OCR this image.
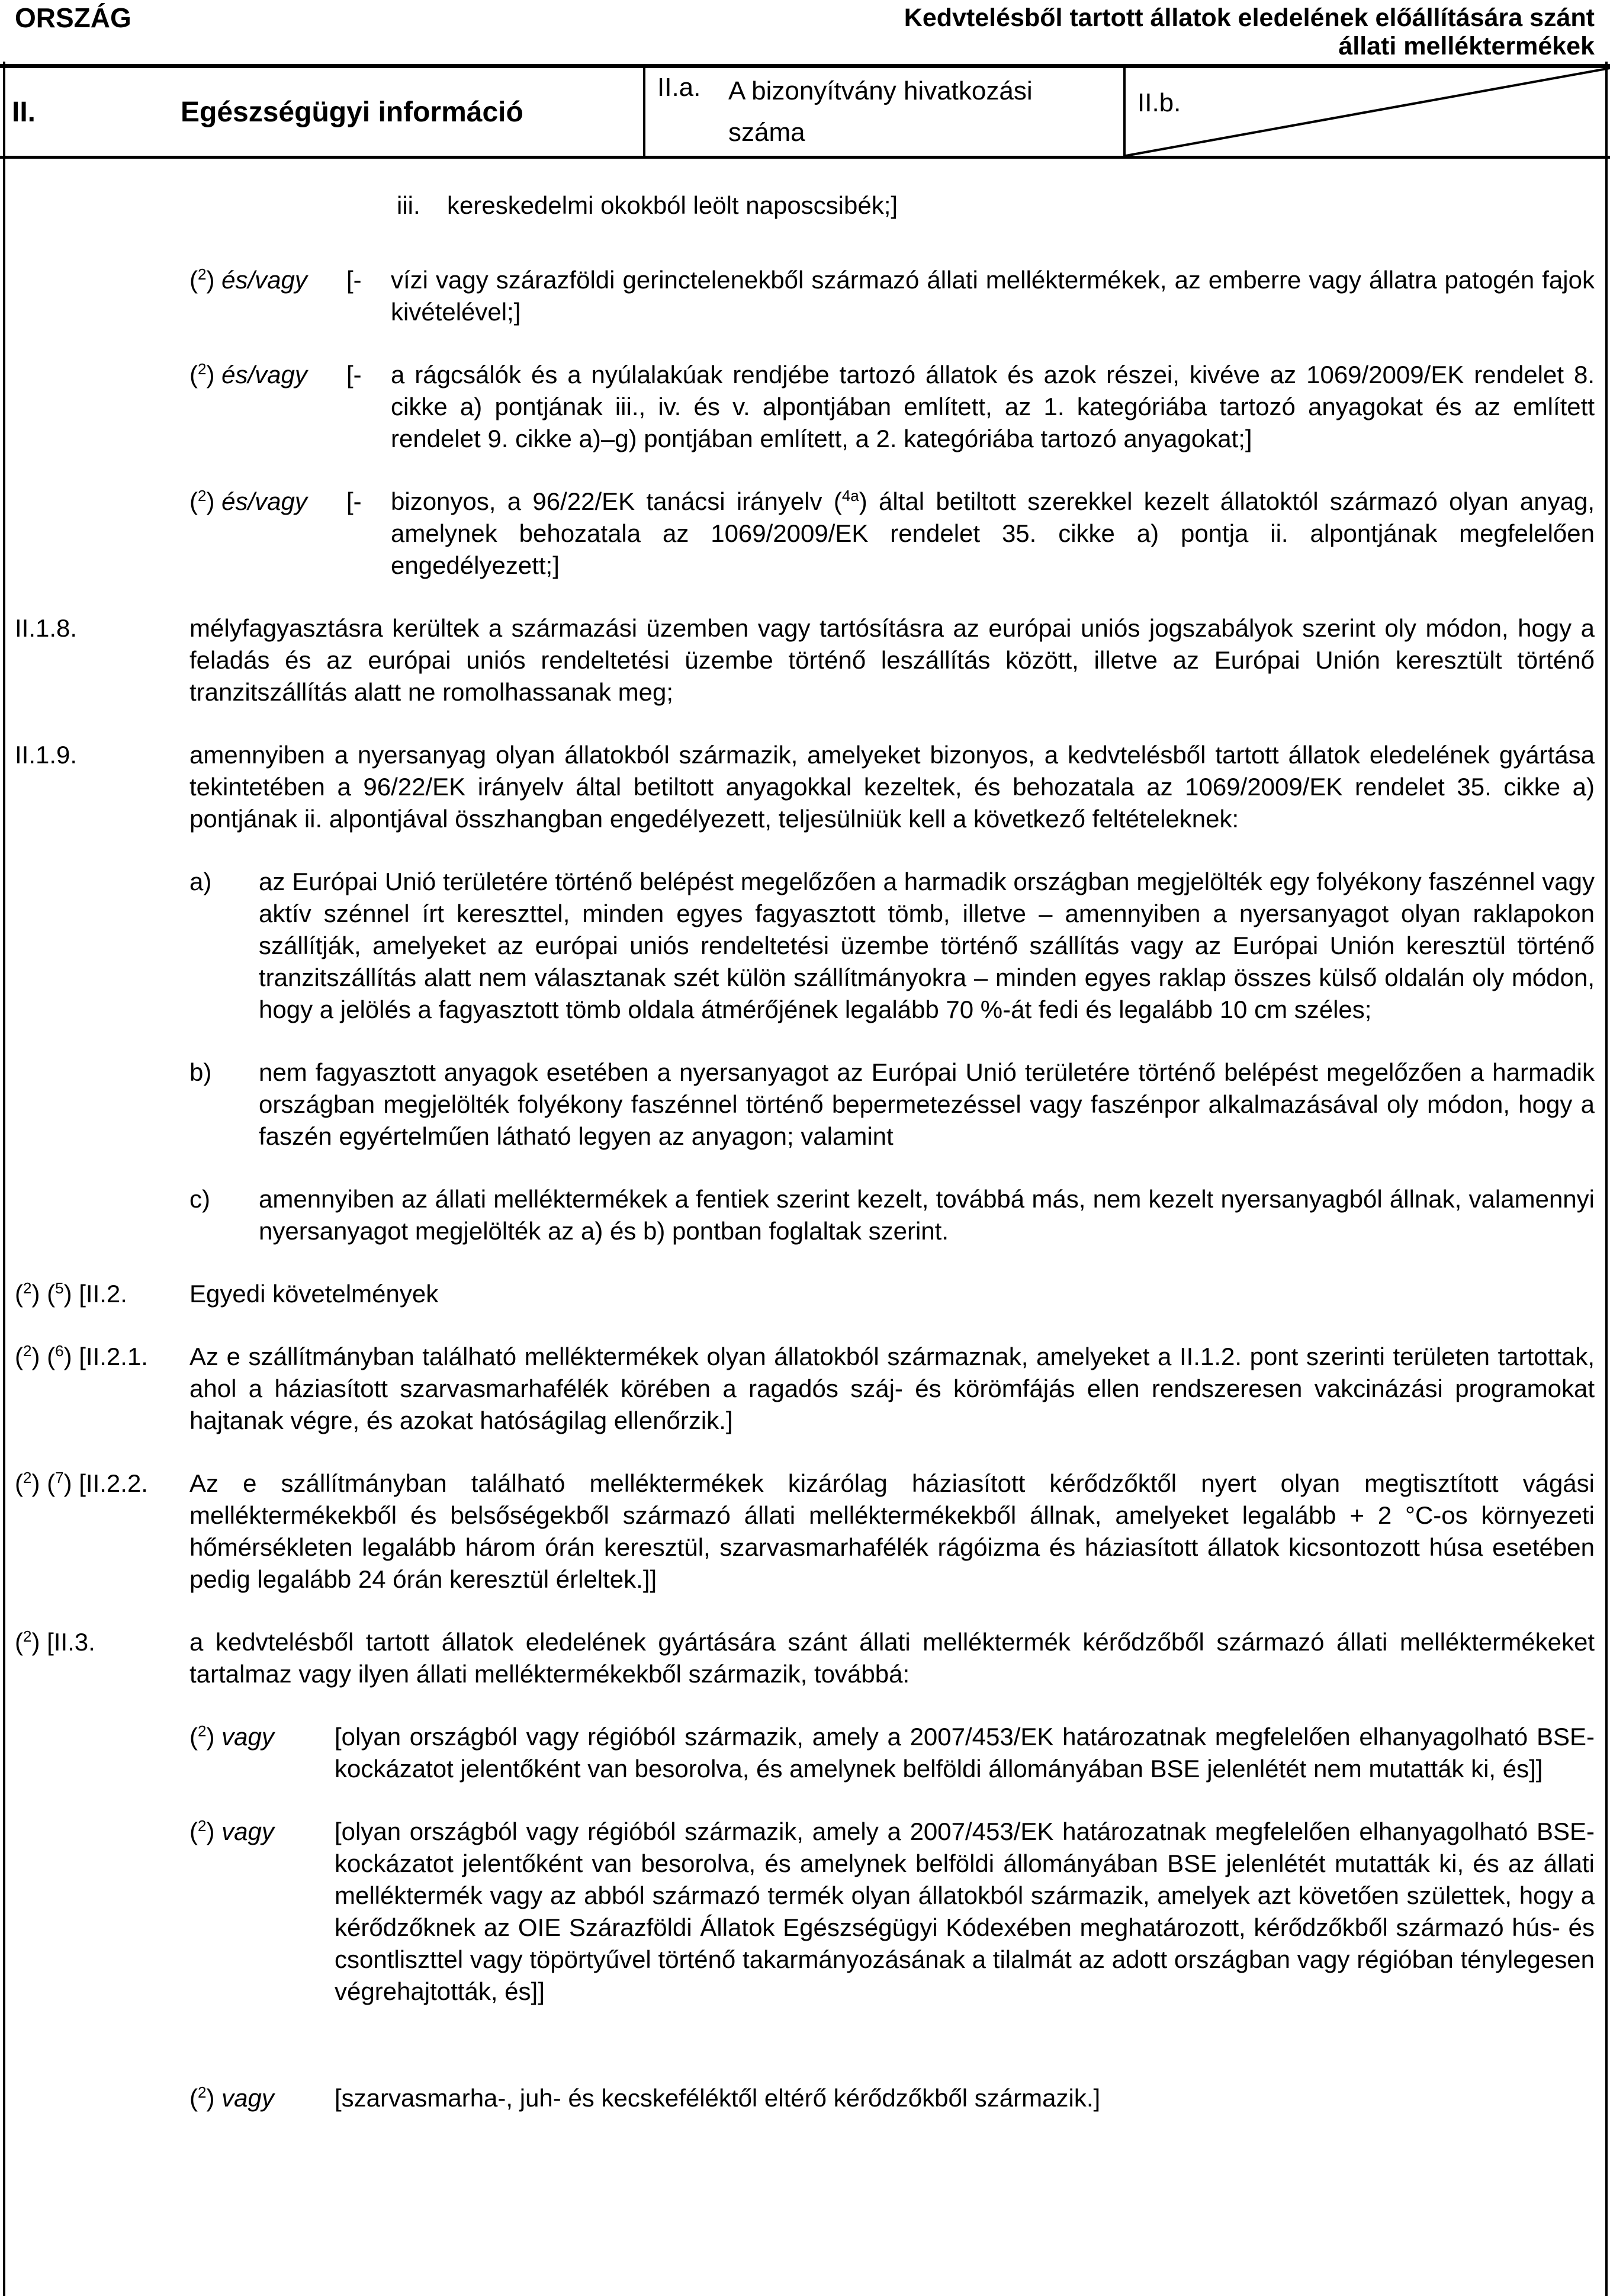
ORSZÁG	Kedvtelésből tartott állatok eledelének előállítására szánt
állati melléktermékek
II.	Egészségügyi információ
II.a.	A bizonyítvány hivatkozási száma
II.b.
iii.	kereskedelmi okokból leölt naposcsibék;]
($^2$) és/vagy	[-	vízi vagy szárazföldi gerinctelenekből származó állati melléktermékek, az emberre vagy állatra patogén fajok kivételével;]
($^2$) és/vagy	[-	a rágcsálók és a nyúlalakúak rendjébe tartozó állatok és azok részei, kivéve az 1069/2009/EK rendelet 8. cikke a) pontjának iii., iv. és v. alpontjában említett, az 1. kategóriába tartozó anyagokat és az említett rendelet 9. cikke a)–g) pontjában említett, a 2. kategóriába tartozó anyagokat;]
($^2$) és/vagy	[-	bizonyos, a 96/22/EK tanácsi irányelv ($^{4a}$) által betiltott szerekkel kezelt állatoktól származó olyan anyag, amelynek behozatala az 1069/2009/EK rendelet 35. cikke a) pontja ii. alpontjának megfelelően engedélyezett;]
II.1.8.	mélyfagyasztásra kerültek a származási üzemben vagy tartósításra az európai uniós jogszabályok szerint oly módon, hogy a feladás és az európai uniós rendeltetési üzembe történő leszállítás között, illetve az Európai Unión keresztült történő tranzitszállítás alatt ne romolhassanak meg;
II.1.9.	amennyiben a nyersanyag olyan állatokból származik, amelyeket bizonyos, a kedvtelésből tartott állatok eledelének gyártása tekintetében a 96/22/EK irányelv által betiltott anyagokkal kezeltek, és behozatala az 1069/2009/EK rendelet 35. cikke a) pontjának ii. alpontjával összhangban engedélyezett, teljesülniük kell a következő feltételeknek:
a)	az Európai Unió területére történő belépést megelőzően a harmadik országban megjelölték egy folyékony faszénnel vagy aktív szénnel írt kereszttel, minden egyes fagyasztott tömb, illetve – amennyiben a nyersanyagot olyan raklapokon szállítják, amelyeket az európai uniós rendeltetési üzembe történő szállítás vagy az Európai Unión keresztül történő tranzitszállítás alatt nem választanak szét külön szállítmányokra – minden egyes raklap összes külső oldalán oly módon, hogy a jelölés a fagyasztott tömb oldala átmérőjének legalább 70 %-át fedi és legalább 10 cm széles;
b)	nem fagyasztott anyagok esetében a nyersanyagot az Európai Unió területére történő belépést megelőzően a harmadik országban megjelölték folyékony faszénnel történő bepermetezéssel vagy faszénpor alkalmazásával oly módon, hogy a faszén egyértelműen látható legyen az anyagon; valamint
c)	amennyiben az állati melléktermékek a fentiek szerint kezelt, továbbá más, nem kezelt nyersanyagból állnak, valamennyi nyersanyagot megjelölték az a) és b) pontban foglaltak szerint.
($^2$) ($^5$) [II.2.	Egyedi követelmények
($^2$) ($^6$) [II.2.1.	Az e szállítmányban található melléktermékek olyan állatokból származnak, amelyeket a II.1.2. pont szerinti területen tartottak, ahol a háziasított szarvasmarhafélék körében a ragadós száj- és körömfájás ellen rendszeresen vakcinázási programokat hajtanak végre, és azokat hatóságilag ellenőrzik.]
($^2$) ($^7$) [II.2.2.	Az e szállítmányban található melléktermékek kizárólag háziasított kérődzőktől nyert olyan megtisztított vágási melléktermékekből és belsőségekből származó állati melléktermékekből állnak, amelyeket legalább + 2 °C-os környezeti hőmérsékleten legalább három órán keresztül, szarvasmarhafélék rágóizma és háziasított állatok kicsontozott húsa esetében pedig legalább 24 órán keresztül érleltek.]]
($^2$) [II.3.	a kedvtelésből tartott állatok eledelének gyártására szánt állati melléktermék kérődzőből származó állati melléktermékeket tartalmaz vagy ilyen állati melléktermékekből származik, továbbá:
($^2$) vagy	[olyan országból vagy régióból származik, amely a 2007/453/EK határozatnak megfelelően elhanyagolható BSE-kockázatot jelentőként van besorolva, és amelynek belföldi állományában BSE jelenlétét nem mutatták ki, és]]
($^2$) vagy	[olyan országból vagy régióból származik, amely a 2007/453/EK határozatnak megfelelően elhanyagolható BSE-kockázatot jelentőként van besorolva, és amelynek belföldi állományában BSE jelenlétét mutatták ki, és az állati melléktermék vagy az abból származó termék olyan állatokból származik, amelyek azt követően születtek, hogy a kérődzőknek az OIE Szárazföldi Állatok Egészségügyi Kódexében meghatározott, kérődzőkből származó hús- és csontliszttel vagy töpörtyűvel történő takarmányozásának a tilalmát az adott országban vagy régióban ténylegesen végrehajtották, és]]
($^2$) vagy	[szarvasmarha-, juh- és kecskeféléktől eltérő kérődzőkből származik.]
